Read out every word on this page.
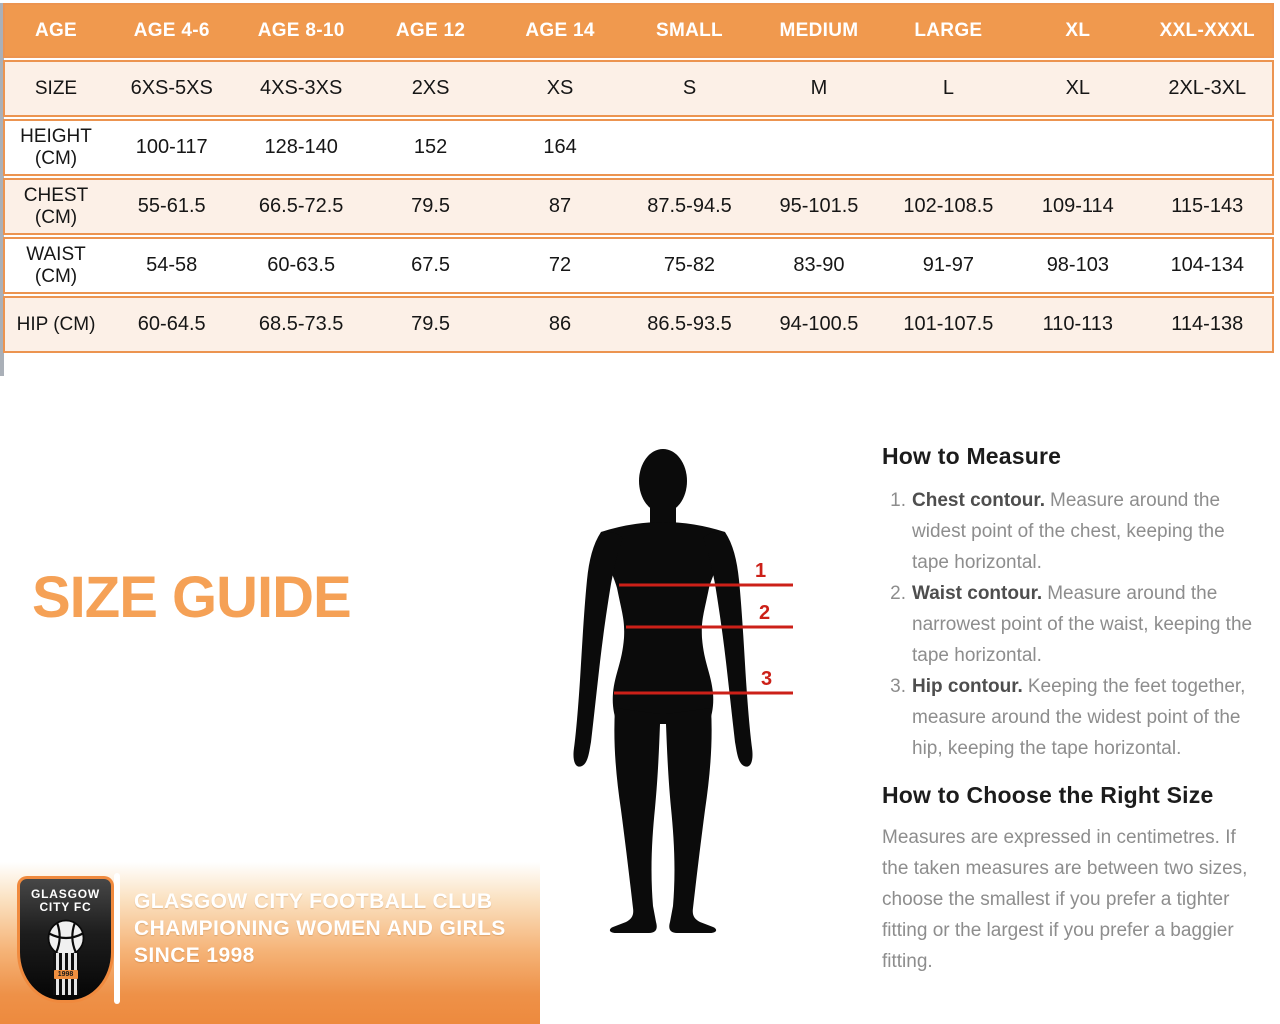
AGE	AGE 4-6	AGE 8-10	AGE 12	AGE 14	SMALL	MEDIUM	LARGE	XL	XXL-XXXL
SIZE	6XS-5XS	4XS-3XS	2XS	XS	S	M	L	XL	2XL-3XL
HEIGHT (CM)	100-117	128-140	152	164
CHEST (CM)	55-61.5	66.5-72.5	79.5	87	87.5-94.5	95-101.5	102-108.5	109-114	115-143
WAIST (CM)	54-58	60-63.5	67.5	72	75-82	83-90	91-97	98-103	104-134
HIP (CM)	60-64.5	68.5-73.5	79.5	86	86.5-93.5	94-100.5	101-107.5	110-113	114-138
SIZE GUIDE	1
2
3
How to Measure
1. Chest contour. Measure around the widest point of the chest, keeping the tape horizontal.
2. Waist contour. Measure around the narrowest point of the waist, keeping the tape horizontal.
3. Hip contour. Keeping the feet together, measure around the widest point of the hip, keeping the tape horizontal.
How to Choose the Right Size

Measures are expressed in centimetres. If the taken measures are between two sizes, choose the smallest if you prefer a tighter fitting or the largest if you prefer a baggier fitting.

GLASGOW
CITY FC
1998
GLASGOW CITY FOOTBALL CLUB
CHAMPIONING WOMEN AND GIRLS
SINCE 1998
